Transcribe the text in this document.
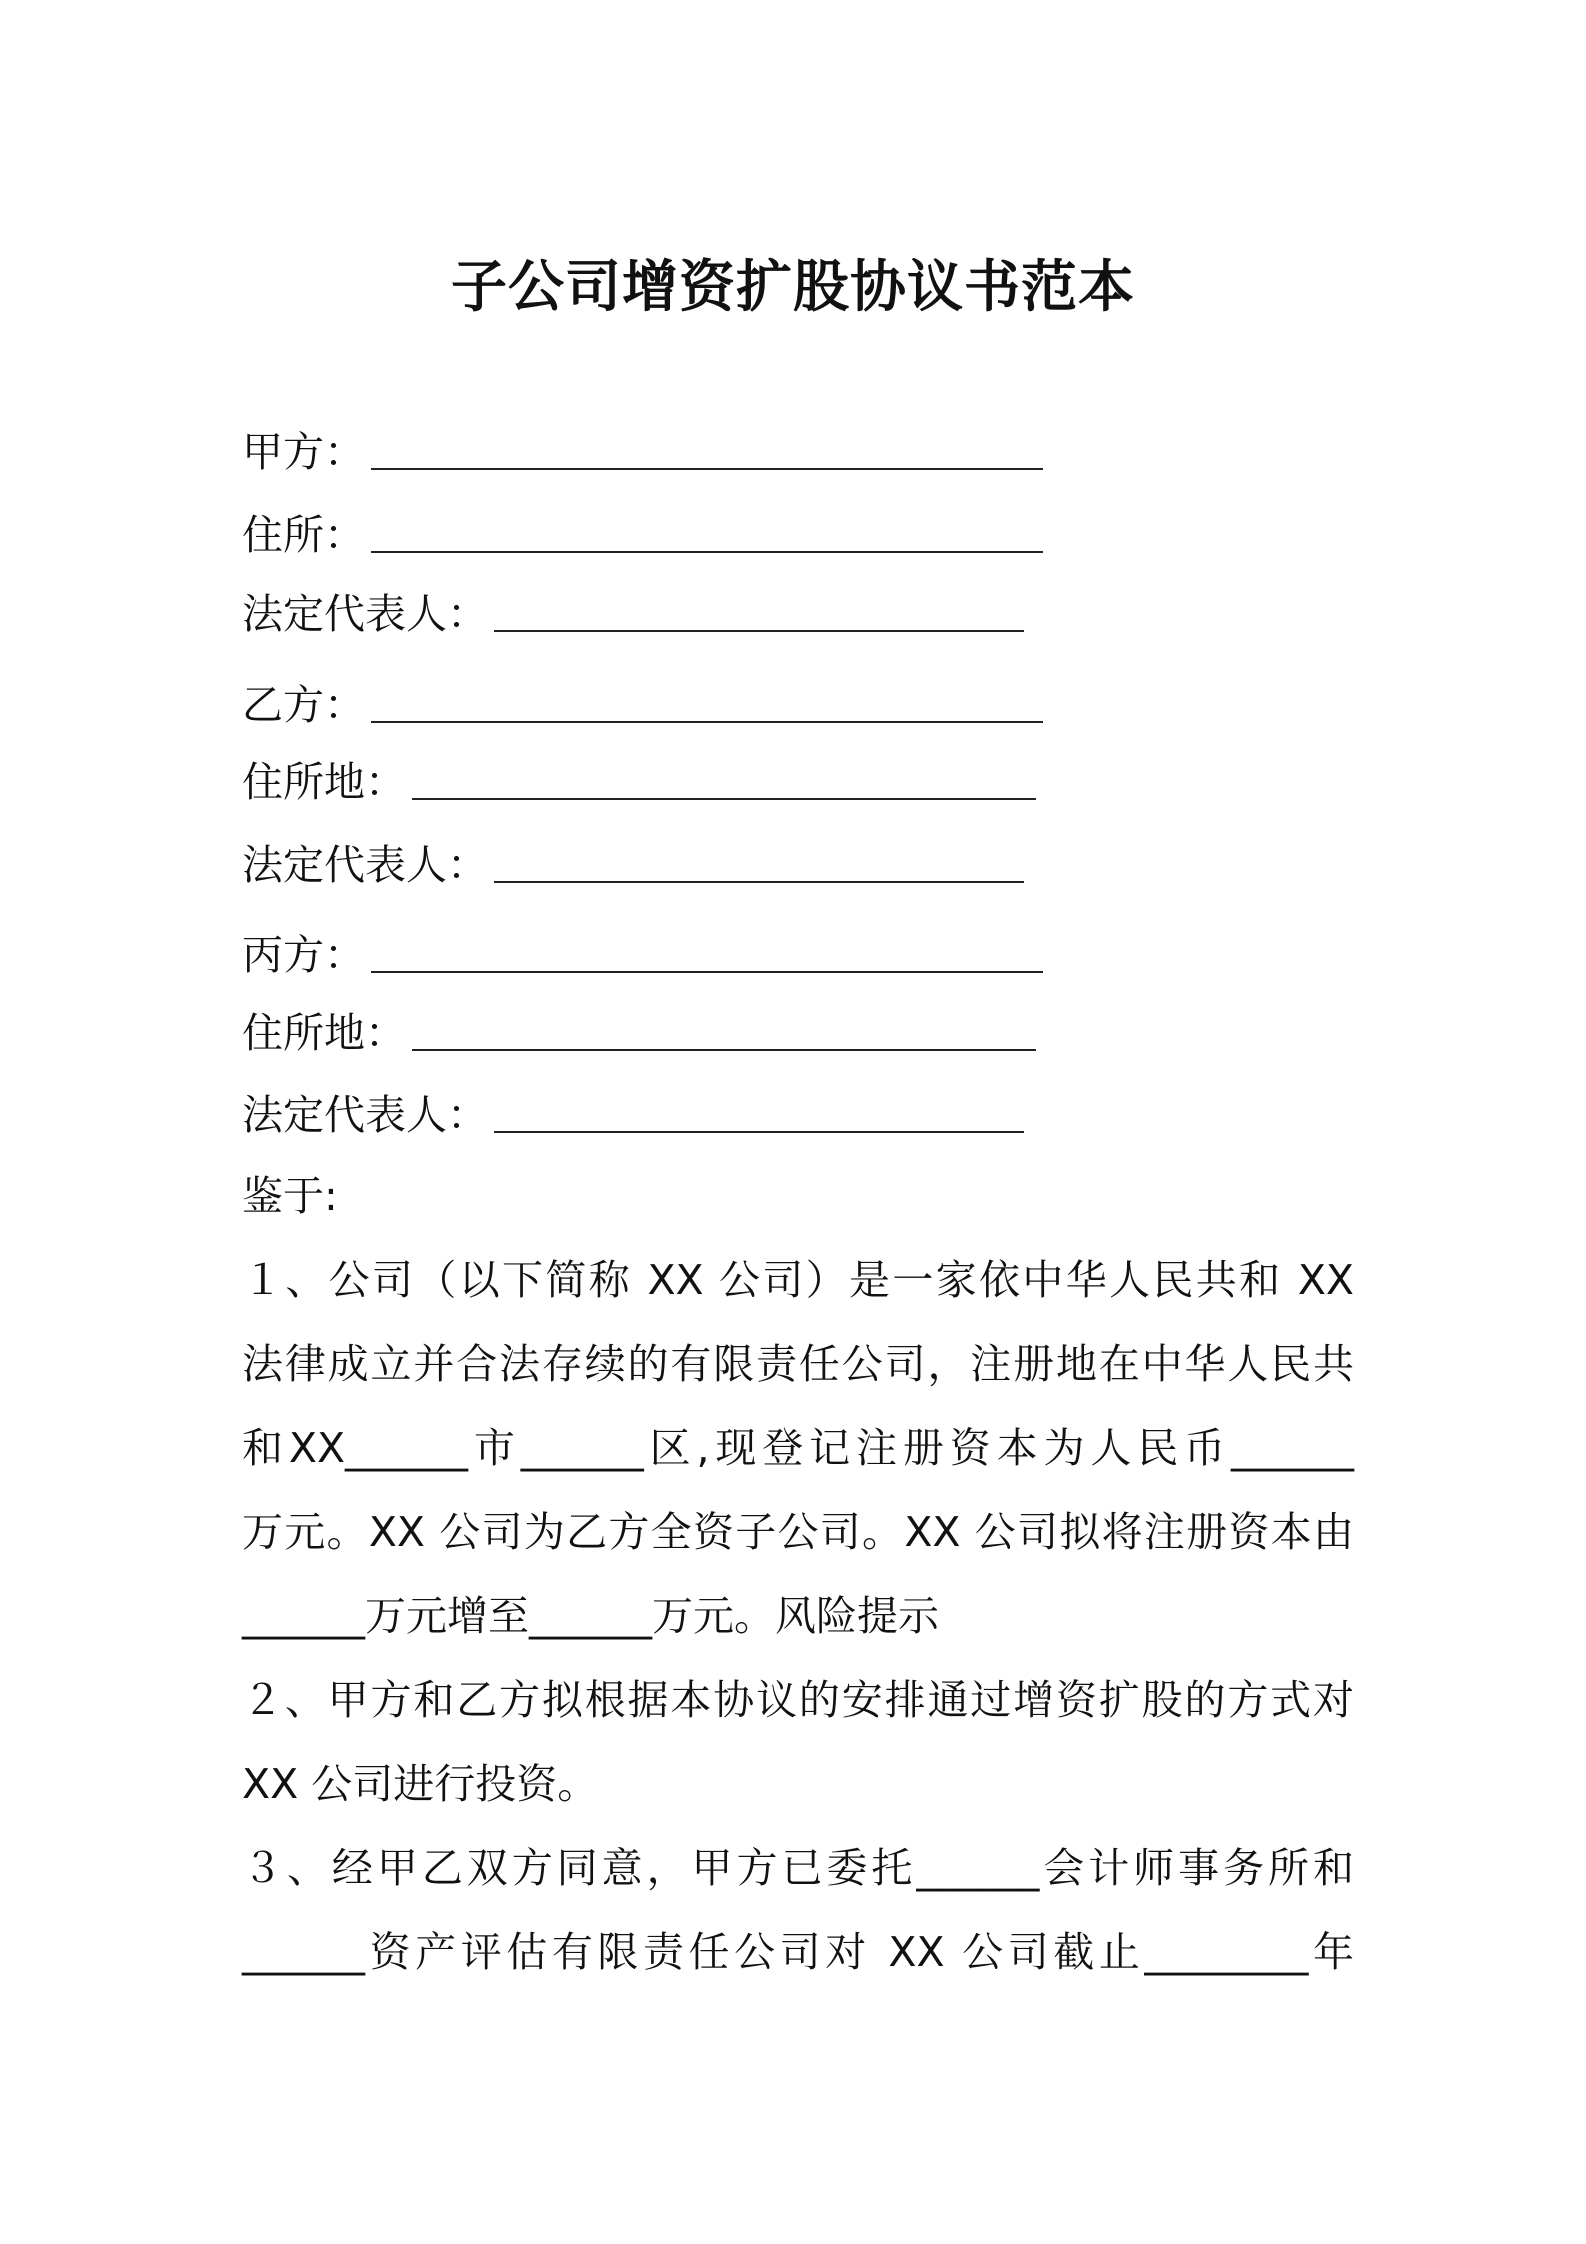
子公司增资扩股协议书范本
甲方：
住所：
法定代表人：
乙方：
住所地：
法定代表人：
丙方：
住所地：
法定代表人：
鉴于:
１、公司（以下简称 XX 公司）是一家依中华人民共和 XX
法律成立并合法存续的有限责任公司，注册地在中华人民共
和XX______市______区,现登记注册资本为人民币______
万元。XX 公司为乙方全资子公司。XX 公司拟将注册资本由
______万元增至______万元。风险提示
２、甲方和乙方拟根据本协议的安排通过增资扩股的方式对
XX 公司进行投资。
３、经甲乙双方同意，甲方已委托______会计师事务所和
______资产评估有限责任公司对 XX 公司截止________年
